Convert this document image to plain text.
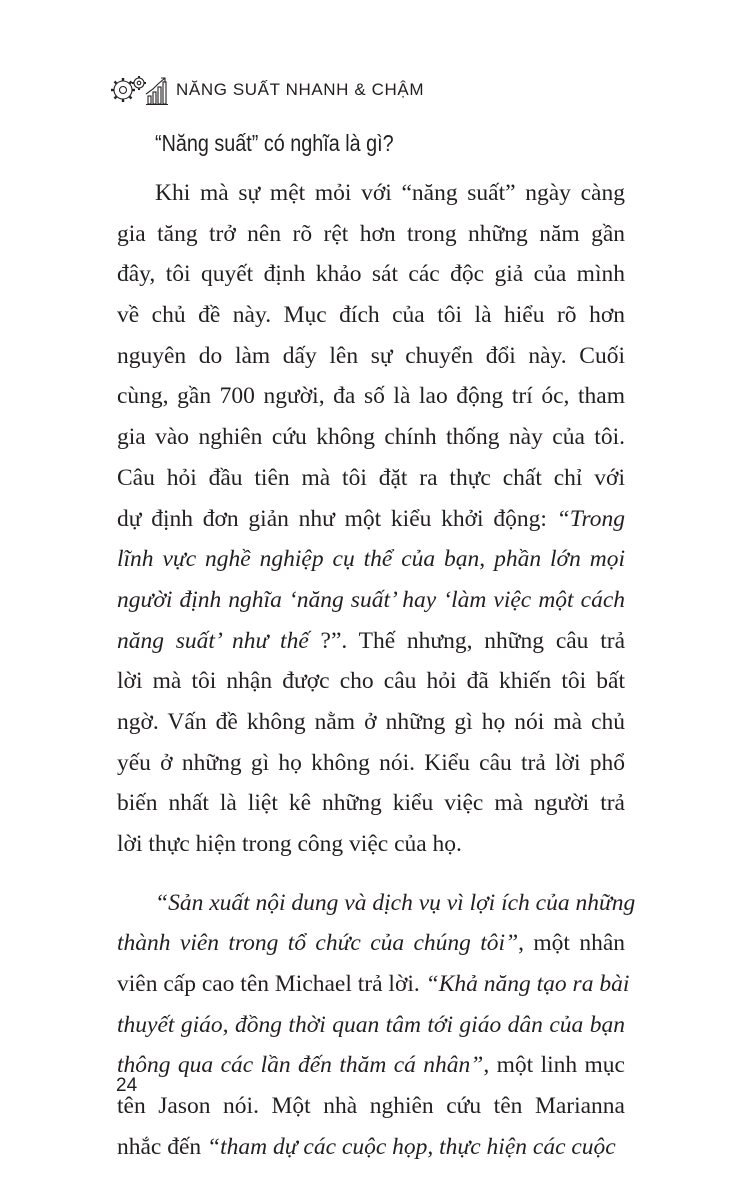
NĂNG SUẤT NHANH & CHẬM
“Năng suất” có nghĩa là gì?
Khi mà sự mệt mỏi với “năng suất” ngày càng
gia tăng trở nên rõ rệt hơn trong những năm gần
đây, tôi quyết định khảo sát các độc giả của mình
về chủ đề này. Mục đích của tôi là hiểu rõ hơn
nguyên do làm dấy lên sự chuyển đổi này. Cuối
cùng, gần 700 người, đa số là lao động trí óc, tham
gia vào nghiên cứu không chính thống này của tôi.
Câu hỏi đầu tiên mà tôi đặt ra thực chất chỉ với
dự định đơn giản như một kiểu khởi động: “Trong
lĩnh vực nghề nghiệp cụ thể của bạn, phần lớn mọi
người định nghĩa ‘năng suất’ hay ‘làm việc một cách
năng suất’ như thế ?”. Thế nhưng, những câu trả
lời mà tôi nhận được cho câu hỏi đã khiến tôi bất
ngờ. Vấn đề không nằm ở những gì họ nói mà chủ
yếu ở những gì họ không nói. Kiểu câu trả lời phổ
biến nhất là liệt kê những kiểu việc mà người trả
lời thực hiện trong công việc của họ.
“Sản xuất nội dung và dịch vụ vì lợi ích của những
thành viên trong tổ chức của chúng tôi”, một nhân
viên cấp cao tên Michael trả lời. “Khả năng tạo ra bài
thuyết giáo, đồng thời quan tâm tới giáo dân của bạn
thông qua các lần đến thăm cá nhân”, một linh mục
tên Jason nói. Một nhà nghiên cứu tên Marianna
nhắc đến “tham dự các cuộc họp, thực hiện các cuộc
24
